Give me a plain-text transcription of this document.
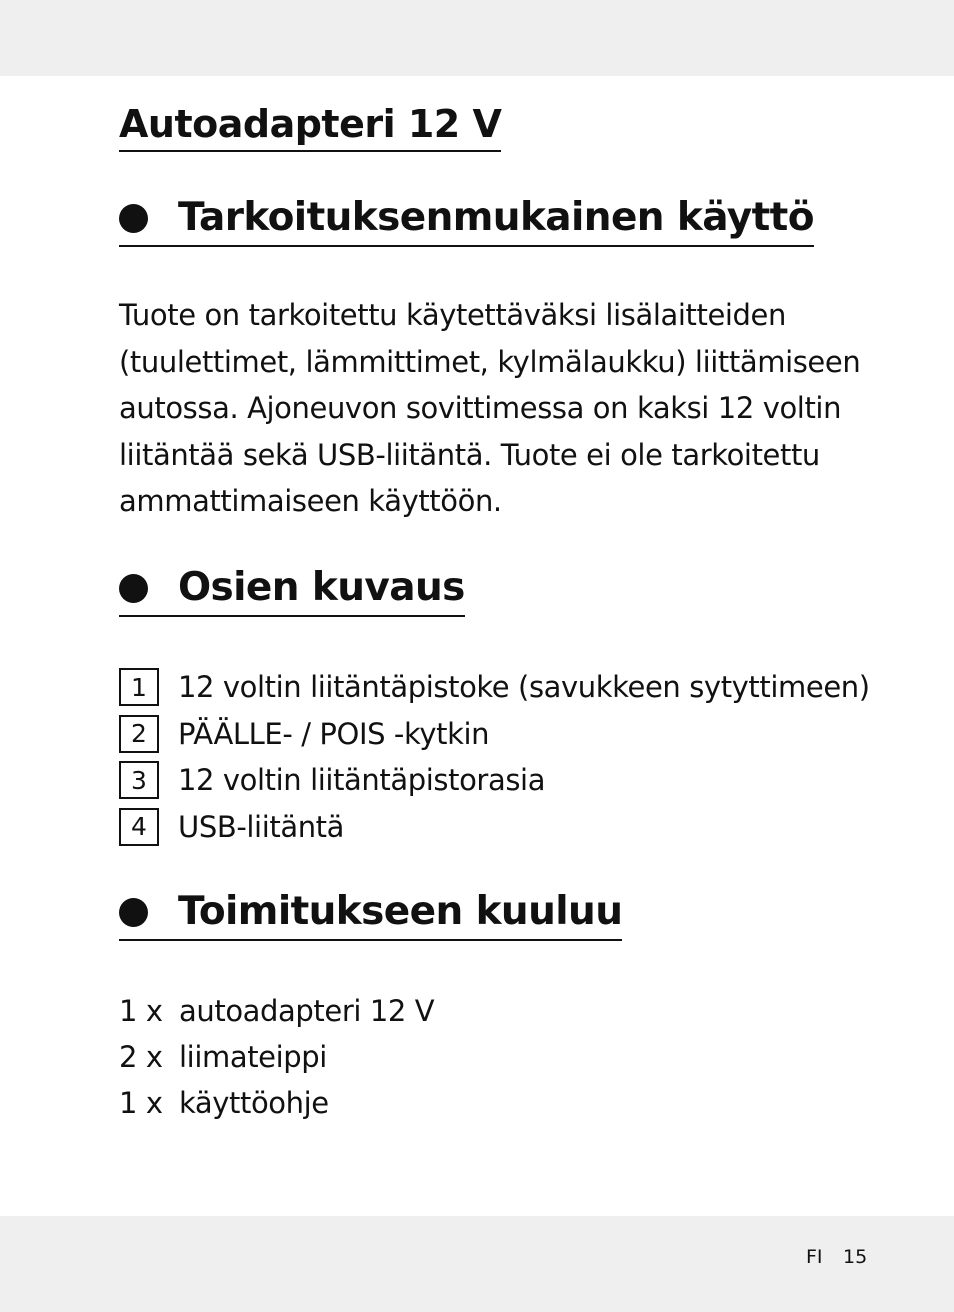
Autoadapteri 12 V
Tarkoituksenmukainen käyttö
Tuote on tarkoitettu käytettäväksi lisälaitteiden
(tuulettimet, lämmittimet, kylmälaukku) liittämiseen
autossa. Ajoneuvon sovittimessa on kaksi 12 voltin
liitäntää sekä USB-liitäntä. Tuote ei ole tarkoitettu
ammattimaiseen käyttöön.
Osien kuvaus
1	12 voltin liitäntäpistoke (savukkeen sytyttimeen)
2	PÄÄLLE- / POIS -kytkin
3	12 voltin liitäntäpistorasia
4	USB-liitäntä
Toimitukseen kuuluu
1 x autoadapteri 12 V
2 x liimateippi
1 x käyttöohje
FI 15
